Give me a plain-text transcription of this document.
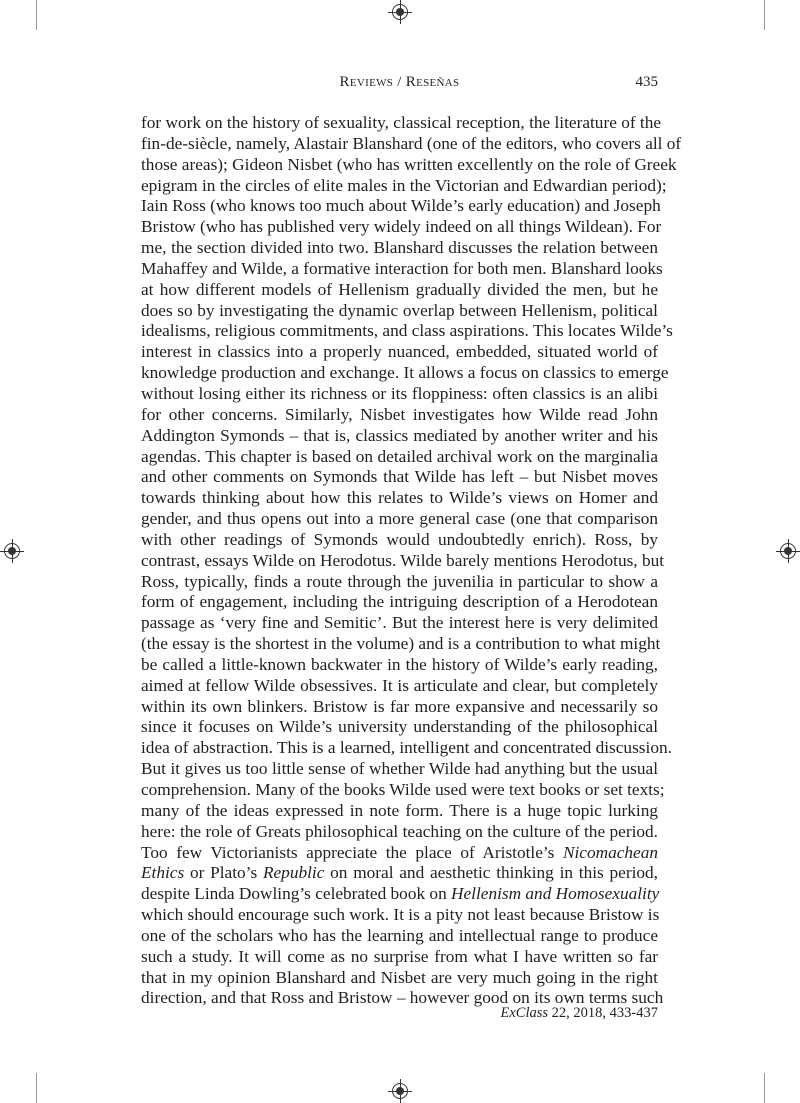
Reviews / Reseñas	435
for work on the history of sexuality, classical reception, the literature of the
fin-de-siècle, namely, Alastair Blanshard (one of the editors, who covers all of
those areas); Gideon Nisbet (who has written excellently on the role of Greek
epigram in the circles of elite males in the Victorian and Edwardian period);
Iain Ross (who knows too much about Wilde’s early education) and Joseph
Bristow (who has published very widely indeed on all things Wildean). For
me, the section divided into two. Blanshard discusses the relation between
Mahaffey and Wilde, a formative interaction for both men. Blanshard looks
at how different models of Hellenism gradually divided the men, but he
does so by investigating the dynamic overlap between Hellenism, political
idealisms, religious commitments, and class aspirations. This locates Wilde’s
interest in classics into a properly nuanced, embedded, situated world of
knowledge production and exchange. It allows a focus on classics to emerge
without losing either its richness or its floppiness: often classics is an alibi
for other concerns. Similarly, Nisbet investigates how Wilde read John
Addington Symonds – that is, classics mediated by another writer and his
agendas. This chapter is based on detailed archival work on the marginalia
and other comments on Symonds that Wilde has left – but Nisbet moves
towards thinking about how this relates to Wilde’s views on Homer and
gender, and thus opens out into a more general case (one that comparison
with other readings of Symonds would undoubtedly enrich). Ross, by
contrast, essays Wilde on Herodotus. Wilde barely mentions Herodotus, but
Ross, typically, finds a route through the juvenilia in particular to show a
form of engagement, including the intriguing description of a Herodotean
passage as ‘very fine and Semitic’. But the interest here is very delimited
(the essay is the shortest in the volume) and is a contribution to what might
be called a little-known backwater in the history of Wilde’s early reading,
aimed at fellow Wilde obsessives. It is articulate and clear, but completely
within its own blinkers. Bristow is far more expansive and necessarily so
since it focuses on Wilde’s university understanding of the philosophical
idea of abstraction. This is a learned, intelligent and concentrated discussion.
But it gives us too little sense of whether Wilde had anything but the usual
comprehension. Many of the books Wilde used were text books or set texts;
many of the ideas expressed in note form. There is a huge topic lurking
here: the role of Greats philosophical teaching on the culture of the period.
Too few Victorianists appreciate the place of Aristotle’s Nicomachean
Ethics or Plato’s Republic on moral and aesthetic thinking in this period,
despite Linda Dowling’s celebrated book on Hellenism and Homosexuality
which should encourage such work. It is a pity not least because Bristow is
one of the scholars who has the learning and intellectual range to produce
such a study. It will come as no surprise from what I have written so far
that in my opinion Blanshard and Nisbet are very much going in the right
direction, and that Ross and Bristow – however good on its own terms such
ExClass 22, 2018, 433-437
